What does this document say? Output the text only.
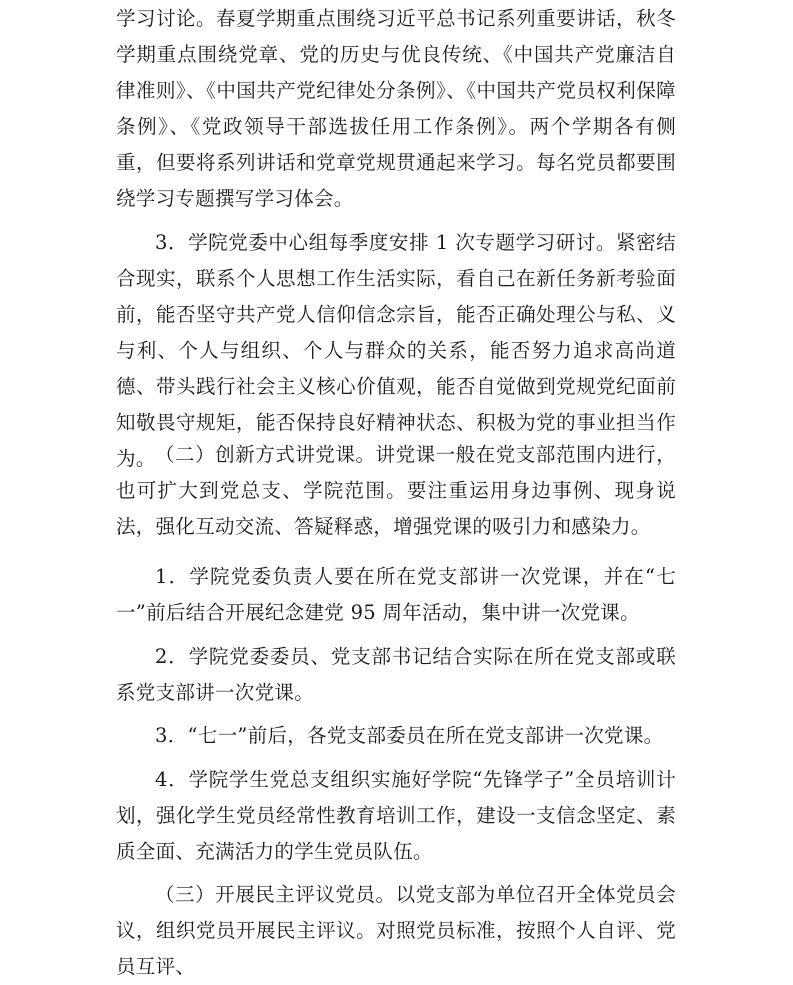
学习讨论。春夏学期重点围绕习近平总书记系列重要讲话，秋冬学期重点围绕党章、党的历史与优良传统、《中国共产党廉洁自律准则》、《中国共产党纪律处分条例》、《中国共产党员权利保障条例》、《党政领导干部选拔任用工作条例》。两个学期各有侧重，但要将系列讲话和党章党规贯通起来学习。每名党员都要围绕学习专题撰写学习体会。

3．学院党委中心组每季度安排 1 次专题学习研讨。紧密结合现实，联系个人思想工作生活实际，看自己在新任务新考验面前，能否坚守共产党人信仰信念宗旨，能否正确处理公与私、义与利、个人与组织、个人与群众的关系，能否努力追求高尚道德、带头践行社会主义核心价值观，能否自觉做到党规党纪面前知敬畏守规矩，能否保持良好精神状态、积极为党的事业担当作为。 （二）创新方式讲党课。讲党课一般在党支部范围内进行，也可扩大到党总支、学院范围。要注重运用身边事例、现身说法，强化互动交流、答疑释惑，增强党课的吸引力和感染力。

1．学院党委负责人要在所在党支部讲一次党课，并在“七一”前后结合开展纪念建党 95 周年活动，集中讲一次党课。

2．学院党委委员、党支部书记结合实际在所在党支部或联系党支部讲一次党课。

3．“七一”前后，各党支部委员在所在党支部讲一次党课。

4．学院学生党总支组织实施好学院“先锋学子”全员培训计划，强化学生党员经常性教育培训工作，建设一支信念坚定、素质全面、充满活力的学生党员队伍。

（三）开展民主评议党员。以党支部为单位召开全体党员会议，组织党员开展民主评议。对照党员标准，按照个人自评、党员互评、
